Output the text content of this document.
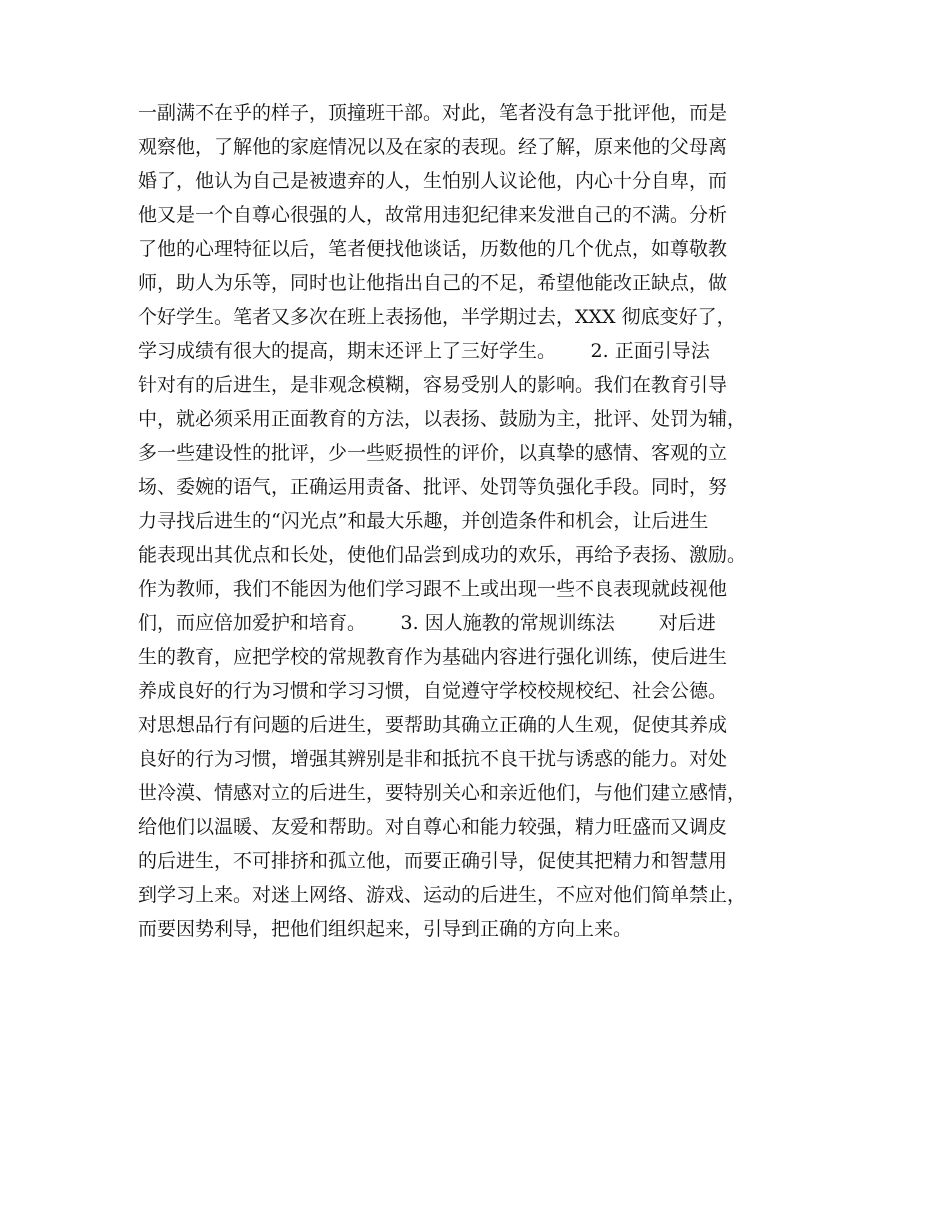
一副满不在乎的样子，顶撞班干部。对此，笔者没有急于批评他，而是
观察他，了解他的家庭情况以及在家的表现。经了解，原来他的父母离
婚了，他认为自己是被遗弃的人，生怕别人议论他，内心十分自卑，而
他又是一个自尊心很强的人，故常用违犯纪律来发泄自己的不满。分析
了他的心理特征以后，笔者便找他谈话，历数他的几个优点，如尊敬教
师，助人为乐等，同时也让他指出自己的不足，希望他能改正缺点，做
个好学生。笔者又多次在班上表扬他，半学期过去，XXX 彻底变好了，
学习成绩有很大的提高，期末还评上了三好学生。　　 2. 正面引导法
针对有的后进生，是非观念模糊，容易受别人的影响。我们在教育引导
中，就必须采用正面教育的方法，以表扬、鼓励为主，批评、处罚为辅，
多一些建设性的批评，少一些贬损性的评价，以真挚的感情、客观的立
场、委婉的语气，正确运用责备、批评、处罚等负强化手段。同时，努
力寻找后进生的“闪光点”和最大乐趣，并创造条件和机会，让后进生
能表现出其优点和长处，使他们品尝到成功的欢乐，再给予表扬、激励。
作为教师，我们不能因为他们学习跟不上或出现一些不良表现就歧视他
们，而应倍加爱护和培育。　　 3. 因人施教的常规训练法　　 对后进
生的教育，应把学校的常规教育作为基础内容进行强化训练，使后进生
养成良好的行为习惯和学习习惯，自觉遵守学校校规校纪、社会公德。
对思想品行有问题的后进生，要帮助其确立正确的人生观，促使其养成
良好的行为习惯，增强其辨别是非和抵抗不良干扰与诱惑的能力。对处
世冷漠、情感对立的后进生，要特别关心和亲近他们，与他们建立感情，
给他们以温暖、友爱和帮助。对自尊心和能力较强，精力旺盛而又调皮
的后进生，不可排挤和孤立他，而要正确引导，促使其把精力和智慧用
到学习上来。对迷上网络、游戏、运动的后进生，不应对他们简单禁止，
而要因势利导，把他们组织起来，引导到正确的方向上来。
